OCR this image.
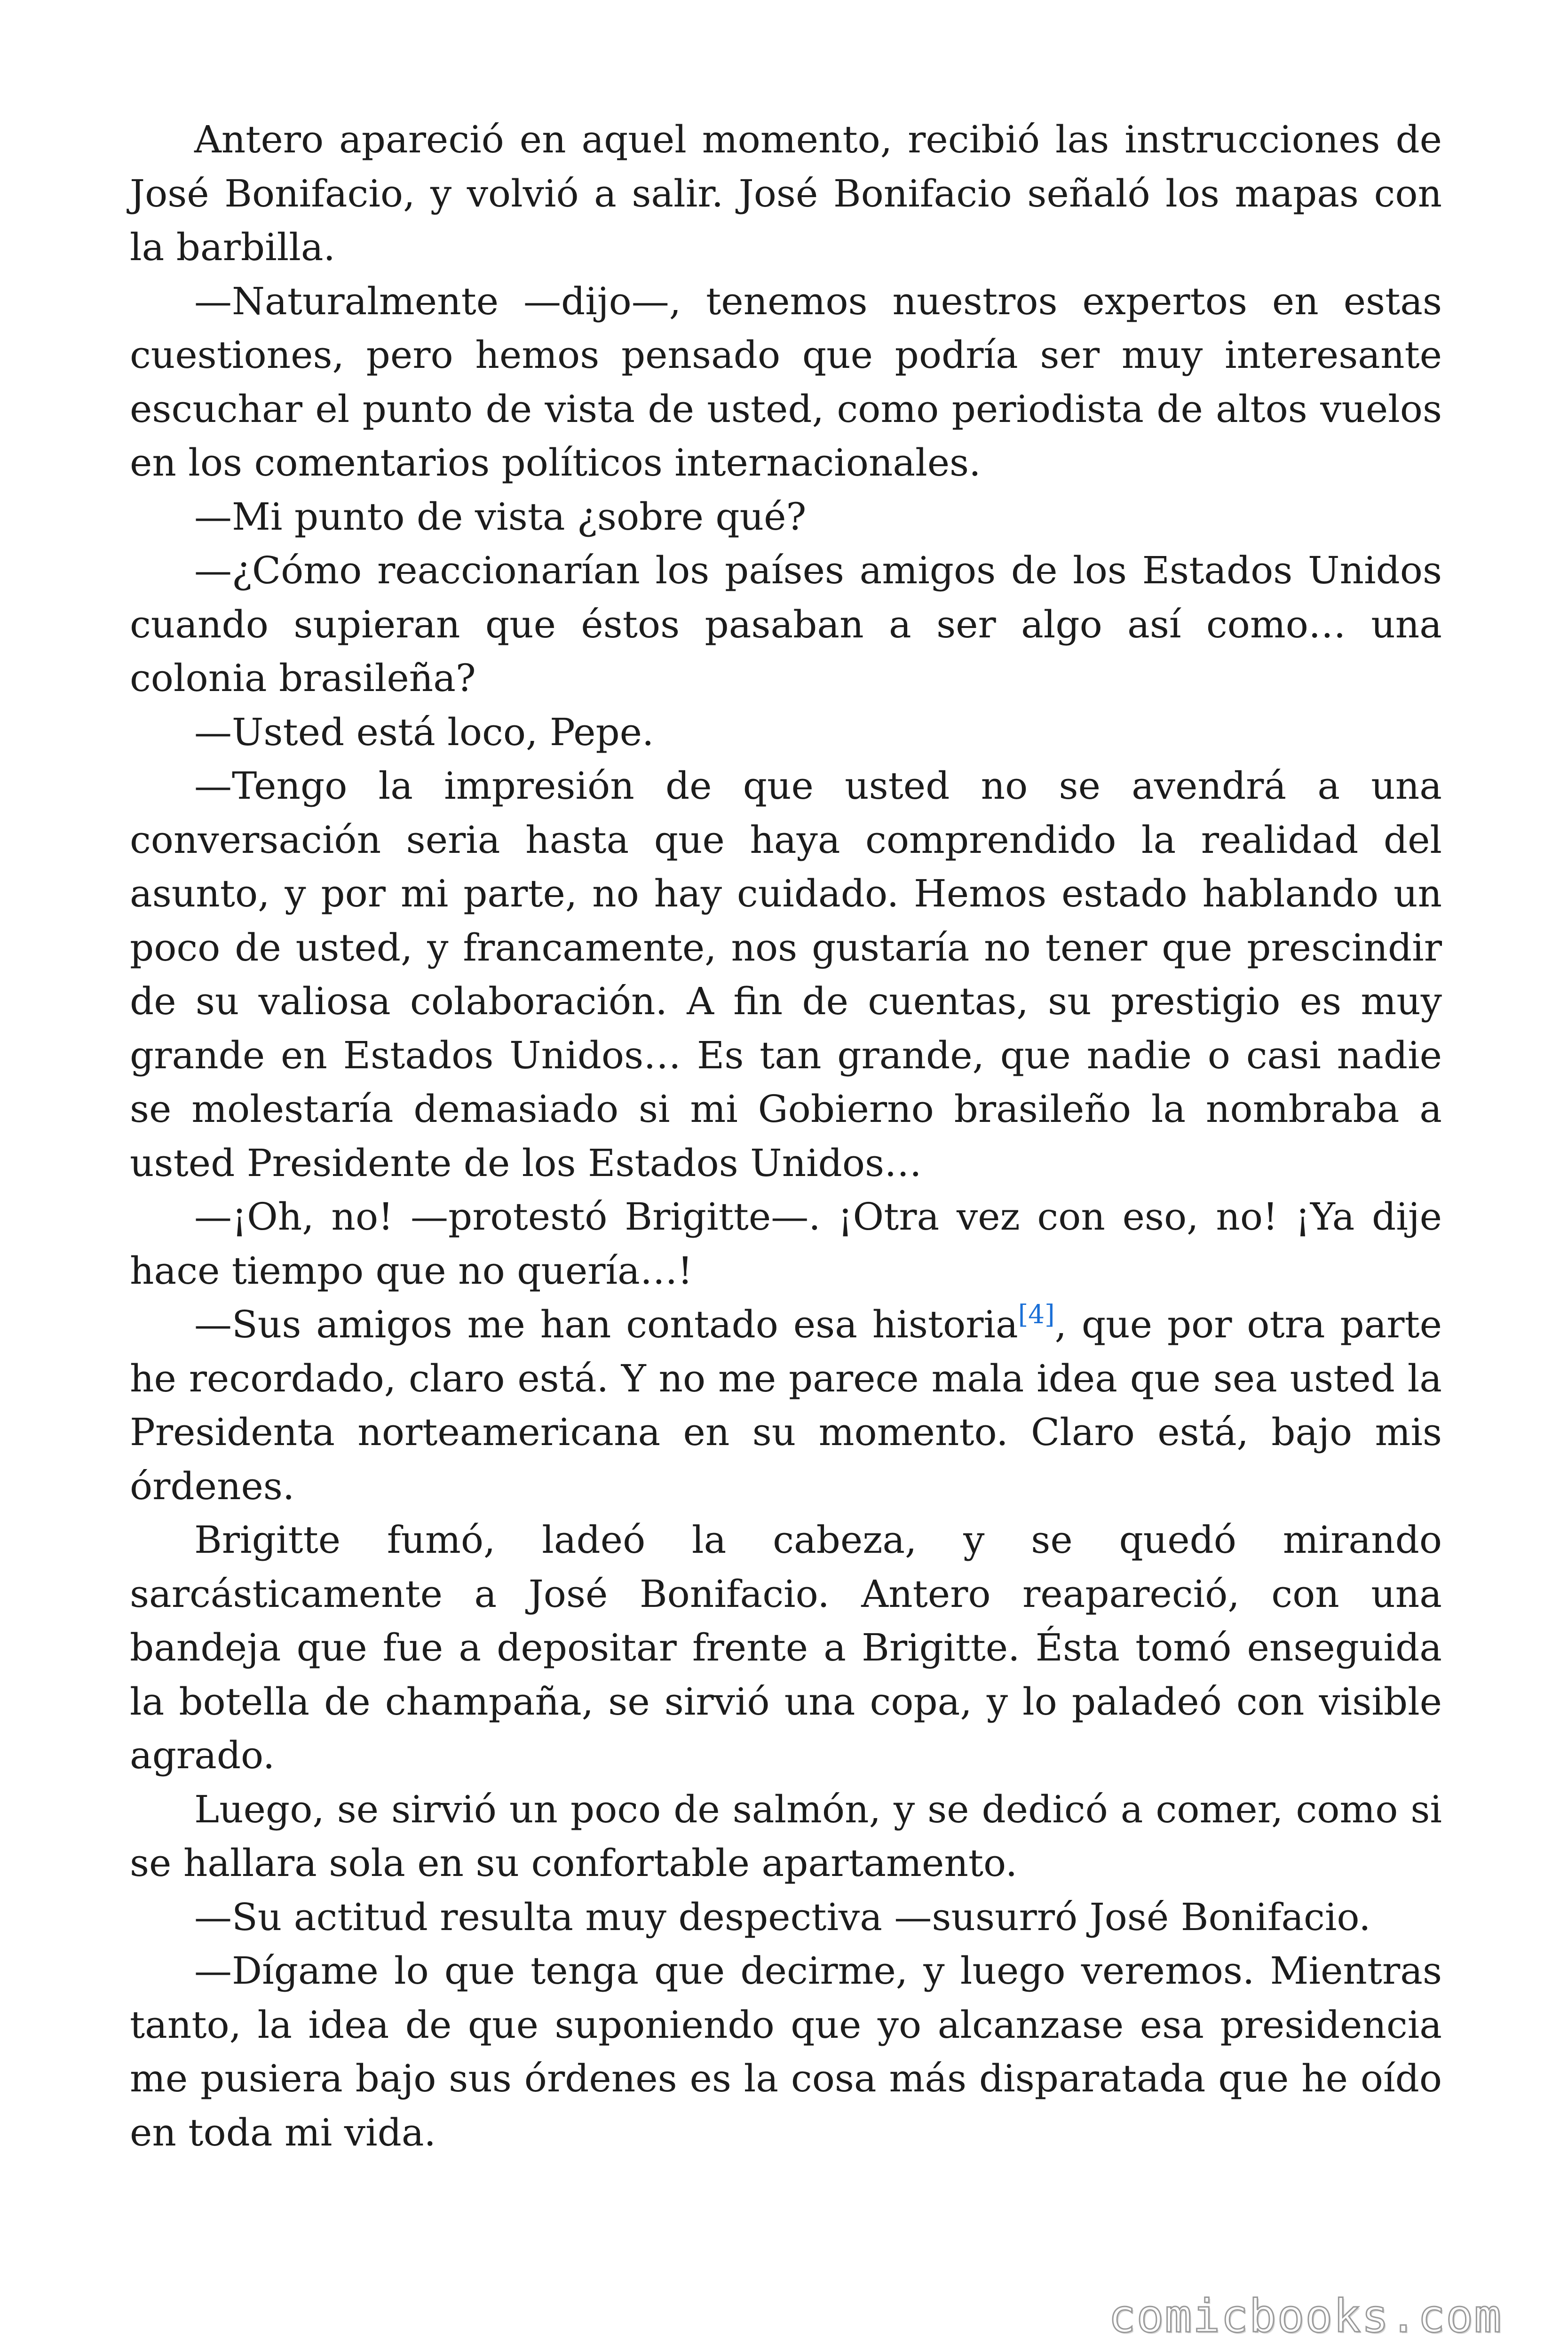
Antero apareció en aquel momento, recibió las instrucciones de José Bonifacio, y volvió a salir. José Bonifacio señaló los mapas con la barbilla.

—Naturalmente —dijo—, tenemos nuestros expertos en estas cuestiones, pero hemos pensado que podría ser muy interesante escuchar el punto de vista de usted, como periodista de altos vuelos en los comentarios políticos internacionales.

—Mi punto de vista ¿sobre qué?

—¿Cómo reaccionarían los países amigos de los Estados Unidos cuando supieran que éstos pasaban a ser algo así como… una colonia brasileña?

—Usted está loco, Pepe.

—Tengo la impresión de que usted no se avendrá a una conversación seria hasta que haya comprendido la realidad del asunto, y por mi parte, no hay cuidado. Hemos estado hablando un poco de usted, y francamente, nos gustaría no tener que prescindir de su valiosa colaboración. A fin de cuentas, su prestigio es muy grande en Estados Unidos… Es tan grande, que nadie o casi nadie se molestaría demasiado si mi Gobierno brasileño la nombraba a usted Presidente de los Estados Unidos…

—¡Oh, no! —protestó Brigitte—. ¡Otra vez con eso, no! ¡Ya dije hace tiempo que no quería…!

—Sus amigos me han contado esa historia[4], que por otra parte he recordado, claro está. Y no me parece mala idea que sea usted la Presidenta norteamericana en su momento. Claro está, bajo mis órdenes.

Brigitte fumó, ladeó la cabeza, y se quedó mirando sarcásticamente a José Bonifacio. Antero reapareció, con una bandeja que fue a depositar frente a Brigitte. Ésta tomó enseguida la botella de champaña, se sirvió una copa, y lo paladeó con visible agrado.

Luego, se sirvió un poco de salmón, y se dedicó a comer, como si se hallara sola en su confortable apartamento.

—Su actitud resulta muy despectiva —susurró José Bonifacio.

—Dígame lo que tenga que decirme, y luego veremos. Mientras tanto, la idea de que suponiendo que yo alcanzase esa presidencia me pusiera bajo sus órdenes es la cosa más disparatada que he oído en toda mi vida.

comicbooks.com
